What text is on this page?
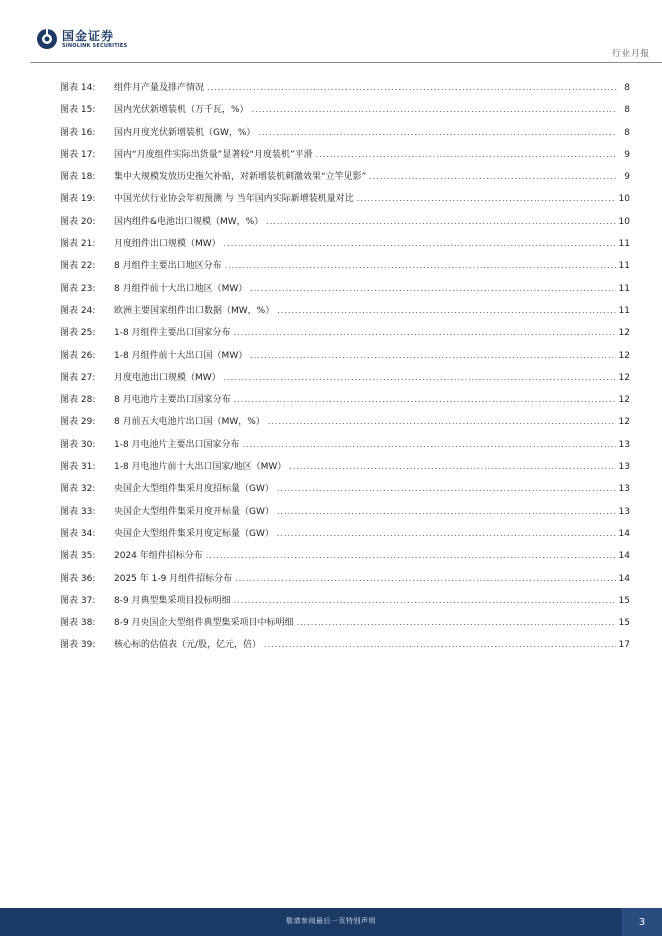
国金证券
SINOLINK SECURITIES
行业月报
图表 14:	组件月产量及排产情况 .....	8
图表 15:	国内光伏新增装机（万千瓦，%） .....	8
图表 16:	国内月度光伏新增装机（GW，%） .....	8
图表 17:	国内“月度组件实际出货量”显著较“月度装机”平滑 .....	9
图表 18:	集中大规模发放历史拖欠补贴，对新增装机刺激效果“立竿见影” .....	9
图表 19:	中国光伏行业协会年初预测 与 当年国内实际新增装机量对比 .....	10
图表 20:	国内组件&电池出口规模（MW，%） .....	10
图表 21:	月度组件出口规模（MW） .....	11
图表 22:	8 月组件主要出口地区分布 .....	11
图表 23:	8 月组件前十大出口地区（MW） .....	11
图表 24:	欧洲主要国家组件出口数据（MW，%） .....	11
图表 25:	1-8 月组件主要出口国家分布 .....	12
图表 26:	1-8 月组件前十大出口国（MW） .....	12
图表 27:	月度电池出口规模（MW） .....	12
图表 28:	8 月电池片主要出口国家分布 .....	12
图表 29:	8 月前五大电池片出口国（MW，%） .....	12
图表 30:	1-8 月电池片主要出口国家分布 .....	13
图表 31:	1-8 月电池片前十大出口国家/地区（MW） .....	13
图表 32:	央国企大型组件集采月度招标量（GW） .....	13
图表 33:	央国企大型组件集采月度开标量（GW） .....	13
图表 34:	央国企大型组件集采月度定标量（GW） .....	14
图表 35:	2024 年组件招标分布 .....	14
图表 36:	2025 年 1-9 月组件招标分布 .....	14
图表 37:	8-9 月典型集采项目投标明细 .....	15
图表 38:	8-9 月央国企大型组件典型集采项目中标明细 .....	15
图表 39:	核心标的估值表（元/股，亿元，倍） .....	17
敬请参阅最后一页特别声明	3
